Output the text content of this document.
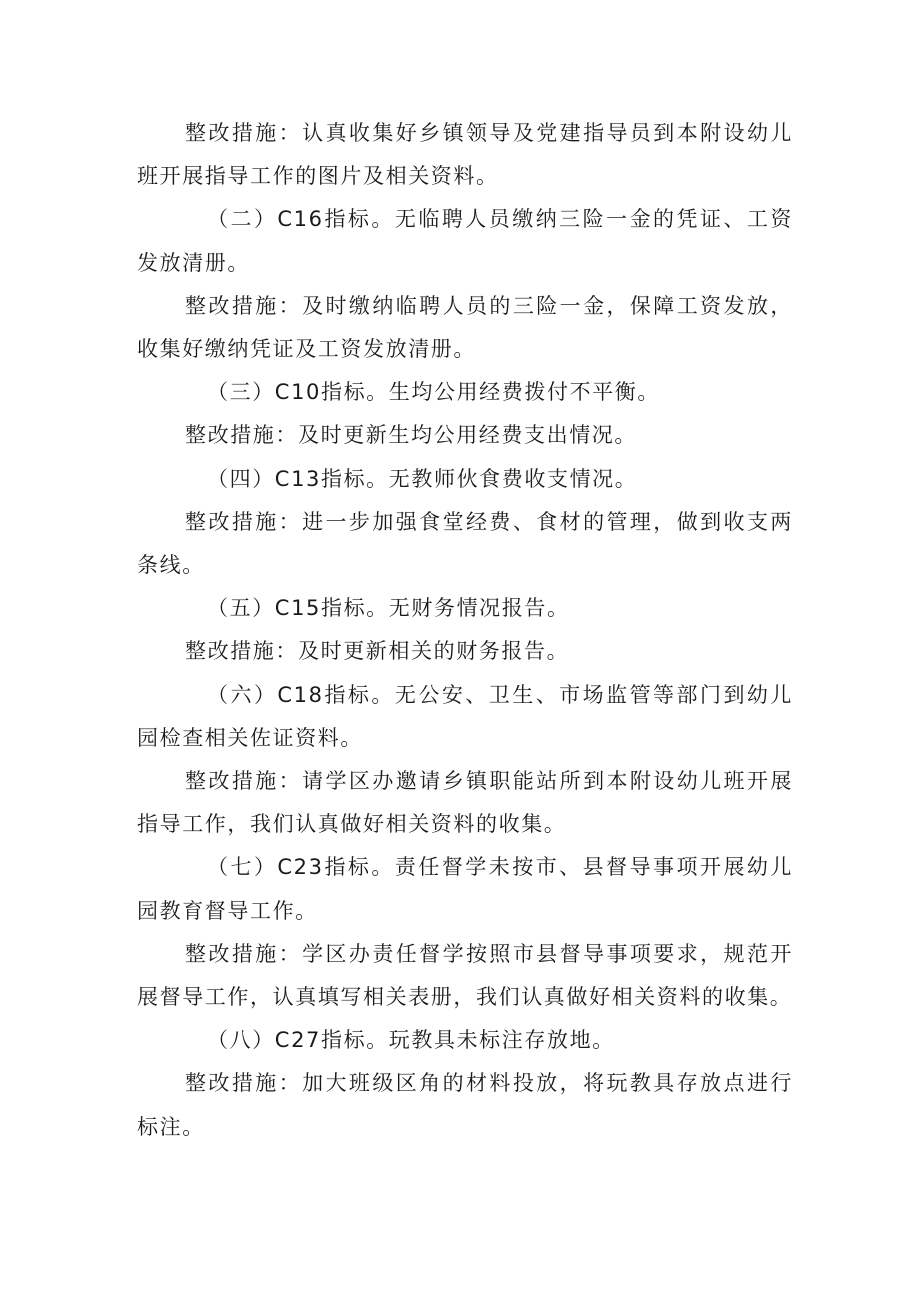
整改措施：认真收集好乡镇领导及党建指导员到本附设幼儿班开展指导工作的图片及相关资料。

（二）C16指标。无临聘人员缴纳三险一金的凭证、工资发放清册。

整改措施：及时缴纳临聘人员的三险一金，保障工资发放，收集好缴纳凭证及工资发放清册。

（三）C10指标。生均公用经费拨付不平衡。

整改措施：及时更新生均公用经费支出情况。

（四）C13指标。无教师伙食费收支情况。

整改措施：进一步加强食堂经费、食材的管理，做到收支两条线。

（五）C15指标。无财务情况报告。

整改措施：及时更新相关的财务报告。

（六）C18指标。无公安、卫生、市场监管等部门到幼儿园检查相关佐证资料。

整改措施：请学区办邀请乡镇职能站所到本附设幼儿班开展指导工作，我们认真做好相关资料的收集。

（七）C23指标。责任督学未按市、县督导事项开展幼儿园教育督导工作。

整改措施：学区办责任督学按照市县督导事项要求，规范开展督导工作，认真填写相关表册，我们认真做好相关资料的收集。

（八）C27指标。玩教具未标注存放地。

整改措施：加大班级区角的材料投放，将玩教具存放点进行标注。
